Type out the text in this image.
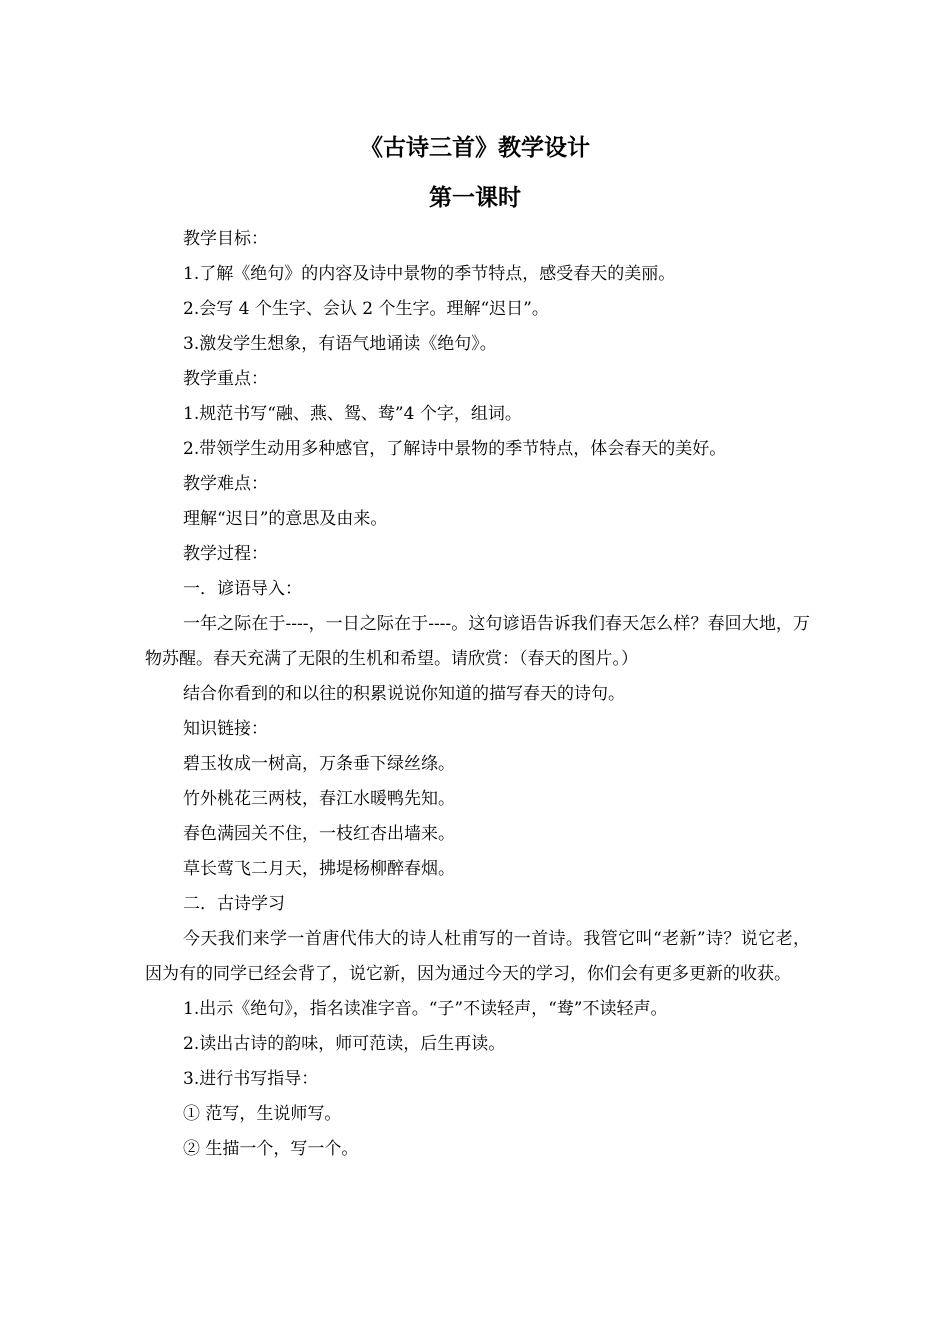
《古诗三首》教学设计
第一课时

教学目标：

1.了解《绝句》的内容及诗中景物的季节特点，感受春天的美丽。

2.会写 4 个生字、会认 2 个生字。理解“迟日”。

3.激发学生想象，有语气地诵读《绝句》。

教学重点：

1.规范书写“融、燕、鸳、鸯”4 个字，组词。

2.带领学生动用多种感官，了解诗中景物的季节特点，体会春天的美好。

教学难点：

理解“迟日”的意思及由来。

教学过程：

一．谚语导入：

一年之际在于----，一日之际在于----。这句谚语告诉我们春天怎么样？春回大地，万物苏醒。春天充满了无限的生机和希望。请欣赏：（春天的图片。）

结合你看到的和以往的积累说说你知道的描写春天的诗句。

知识链接：

碧玉妆成一树高，万条垂下绿丝绦。

竹外桃花三两枝，春江水暖鸭先知。

春色满园关不住，一枝红杏出墙来。

草长莺飞二月天，拂堤杨柳醉春烟。

二．古诗学习

今天我们来学一首唐代伟大的诗人杜甫写的一首诗。我管它叫“老新”诗？说它老，因为有的同学已经会背了，说它新，因为通过今天的学习，你们会有更多更新的收获。

1.出示《绝句》，指名读准字音。“子”不读轻声，“鸯”不读轻声。

2.读出古诗的韵味，师可范读，后生再读。

3.进行书写指导：

① 范写，生说师写。

② 生描一个，写一个。
